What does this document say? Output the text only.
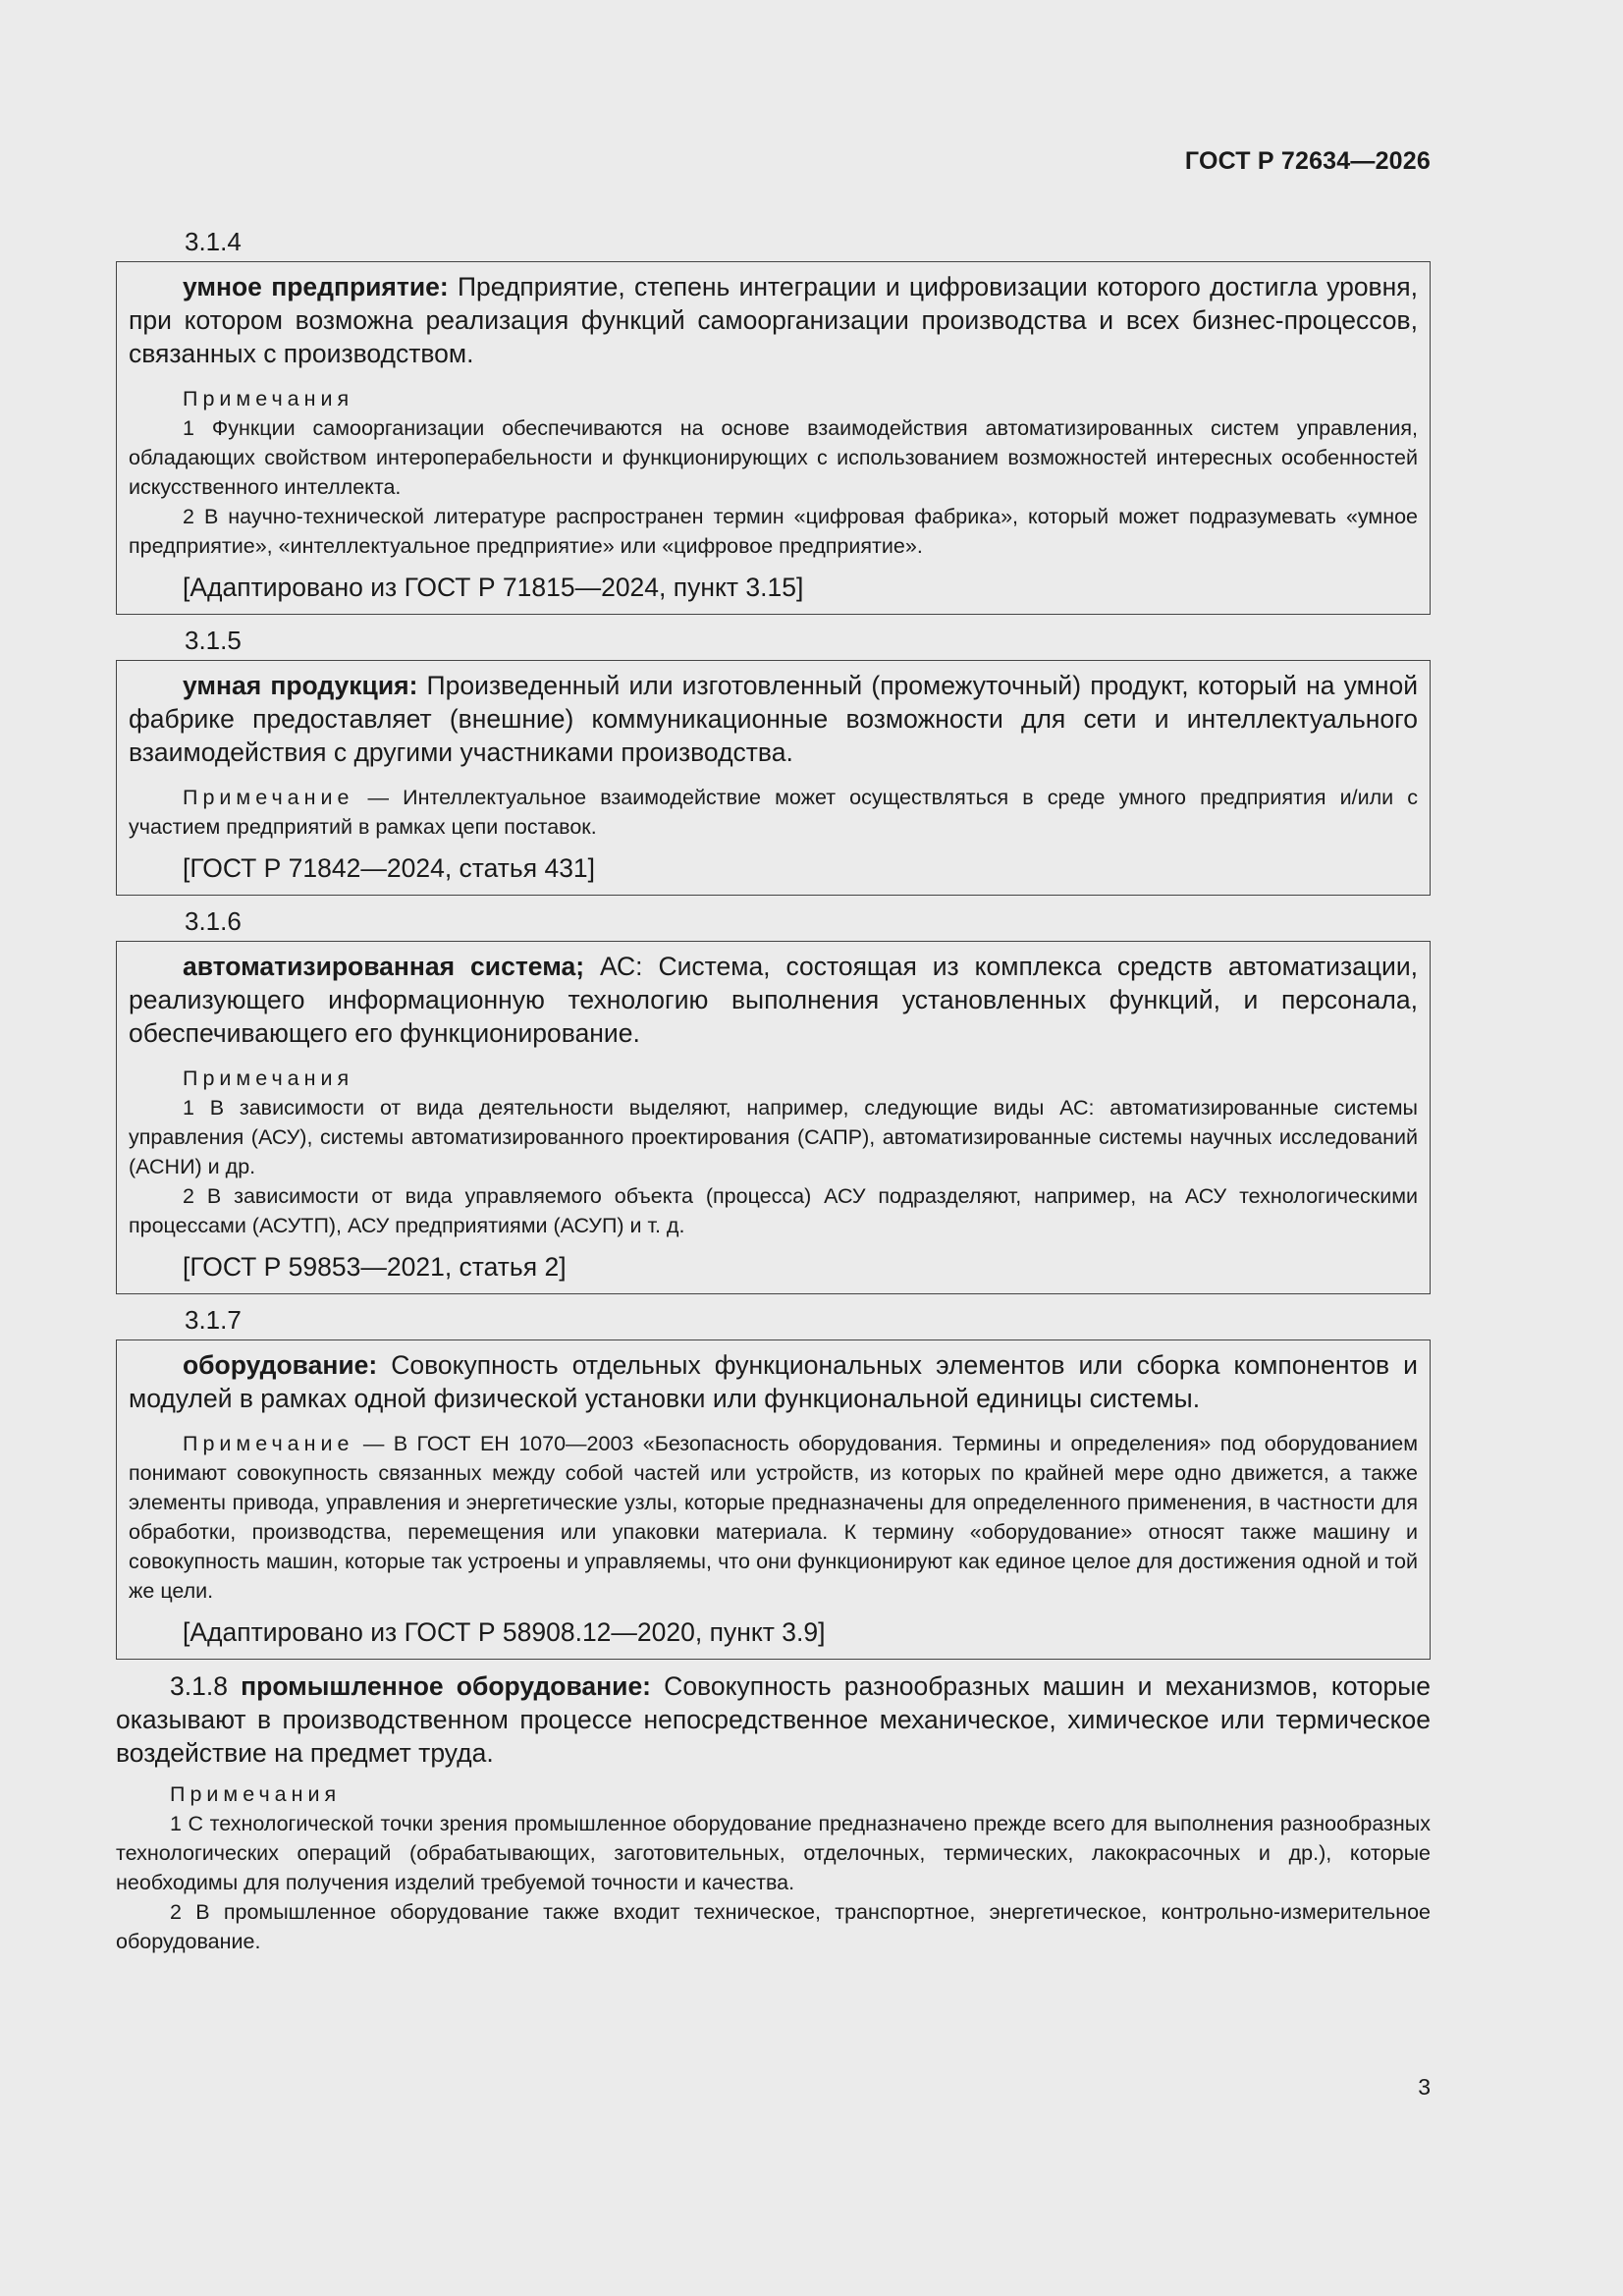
ГОСТ Р 72634—2026
3.1.4

умное предприятие: Предприятие, степень интеграции и цифровизации которого достигла уровня, при котором возможна реализация функций самоорганизации производства и всех бизнес-процессов, связанных с производством.

Примечания

1 Функции самоорганизации обеспечиваются на основе взаимодействия автоматизированных систем управления, обладающих свойством интероперабельности и функционирующих с использованием возможностей интересных особенностей искусственного интеллекта.

2 В научно-технической литературе распространен термин «цифровая фабрика», который может подразумевать «умное предприятие», «интеллектуальное предприятие» или «цифровое предприятие».

[Адаптировано из ГОСТ Р 71815—2024, пункт 3.15]

3.1.5

умная продукция: Произведенный или изготовленный (промежуточный) продукт, который на умной фабрике предоставляет (внешние) коммуникационные возможности для сети и интеллектуального взаимодействия с другими участниками производства.

Примечание — Интеллектуальное взаимодействие может осуществляться в среде умного предприятия и/или с участием предприятий в рамках цепи поставок.

[ГОСТ Р 71842—2024, статья 431]

3.1.6

автоматизированная система; АС: Система, состоящая из комплекса средств автоматизации, реализующего информационную технологию выполнения установленных функций, и персонала, обеспечивающего его функционирование.

Примечания

1 В зависимости от вида деятельности выделяют, например, следующие виды АС: автоматизированные системы управления (АСУ), системы автоматизированного проектирования (САПР), автоматизированные системы научных исследований (АСНИ) и др.

2 В зависимости от вида управляемого объекта (процесса) АСУ подразделяют, например, на АСУ технологическими процессами (АСУТП), АСУ предприятиями (АСУП) и т. д.

[ГОСТ Р 59853—2021, статья 2]

3.1.7

оборудование: Совокупность отдельных функциональных элементов или сборка компонентов и модулей в рамках одной физической установки или функциональной единицы системы.

Примечание — В ГОСТ ЕН 1070—2003 «Безопасность оборудования. Термины и определения» под оборудованием понимают совокупность связанных между собой частей или устройств, из которых по крайней мере одно движется, а также элементы привода, управления и энергетические узлы, которые предназначены для определенного применения, в частности для обработки, производства, перемещения или упаковки материала. К термину «оборудование» относят также машину и совокупность машин, которые так устроены и управляемы, что они функционируют как единое целое для достижения одной и той же цели.

[Адаптировано из ГОСТ Р 58908.12—2020, пункт 3.9]

3.1.8 промышленное оборудование: Совокупность разнообразных машин и механизмов, которые оказывают в производственном процессе непосредственное механическое, химическое или термическое воздействие на предмет труда.

Примечания

1 С технологической точки зрения промышленное оборудование предназначено прежде всего для выполнения разнообразных технологических операций (обрабатывающих, заготовительных, отделочных, термических, лакокрасочных и др.), которые необходимы для получения изделий требуемой точности и качества.

2 В промышленное оборудование также входит техническое, транспортное, энергетическое, контрольно-измерительное оборудование.

3
